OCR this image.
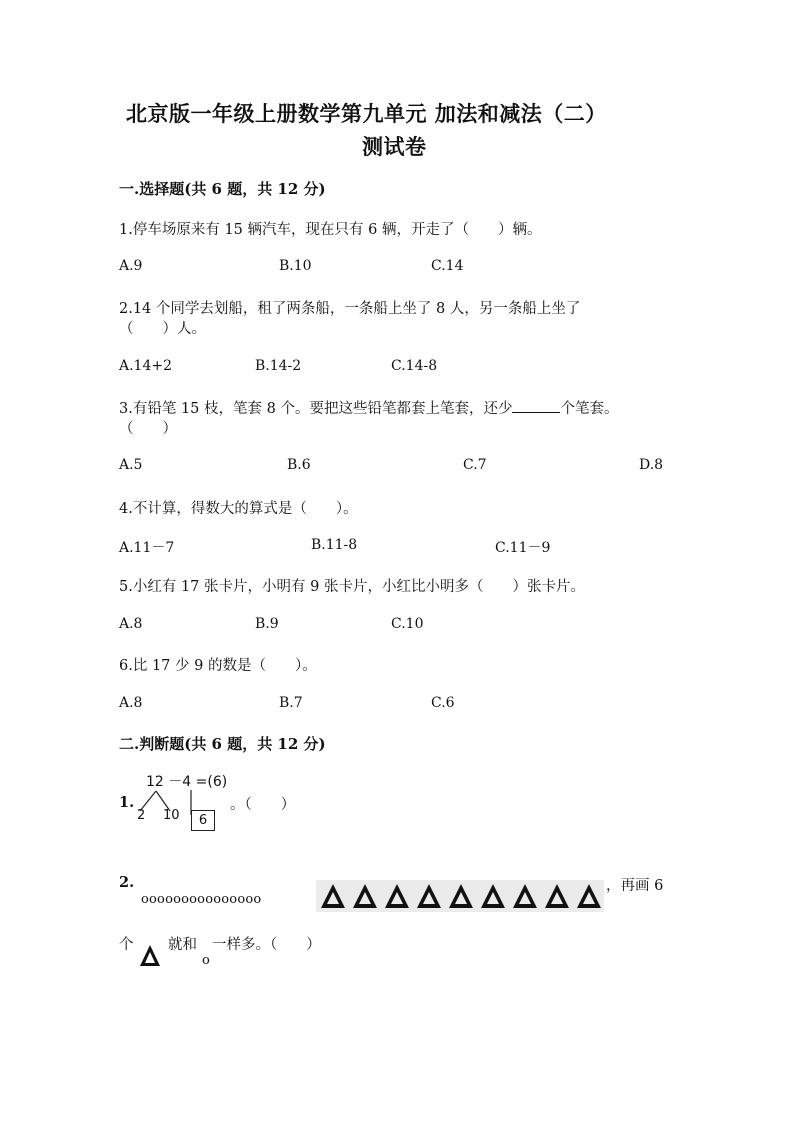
北京版一年级上册数学第九单元 加法和减法（二）
测试卷
一.选择题(共 6 题，共 12 分)
1.停车场原来有 15 辆汽车，现在只有 6 辆，开走了（　　）辆。
A.9	B.10	C.14
2.14 个同学去划船，租了两条船，一条船上坐了 8 人，另一条船上坐了
（　　）人。
A.14+2	B.14-2	C.14-8
3.有铅笔 15 枝，笔套 8 个。要把这些铅笔都套上笔套，还少	个笔套。
（　　）
A.5	B.6	C.7	D.8
4.不计算，得数大的算式是（　　）。
A.11－7	B.11-8	C.11－9
5.小红有 17 张卡片，小明有 9 张卡片，小红比小明多（　　）张卡片。
A.8	B.9	C.10
6.比 17 少 9 的数是（　　）。
A.8	B.7	C.6
二.判断题(共 6 题，共 12 分)
1.
12 －4 =(6)
2 10	6
。（　　）
2.
ooooooooooooooo
，再画 6
个 就和 一样多。（　　）
o
